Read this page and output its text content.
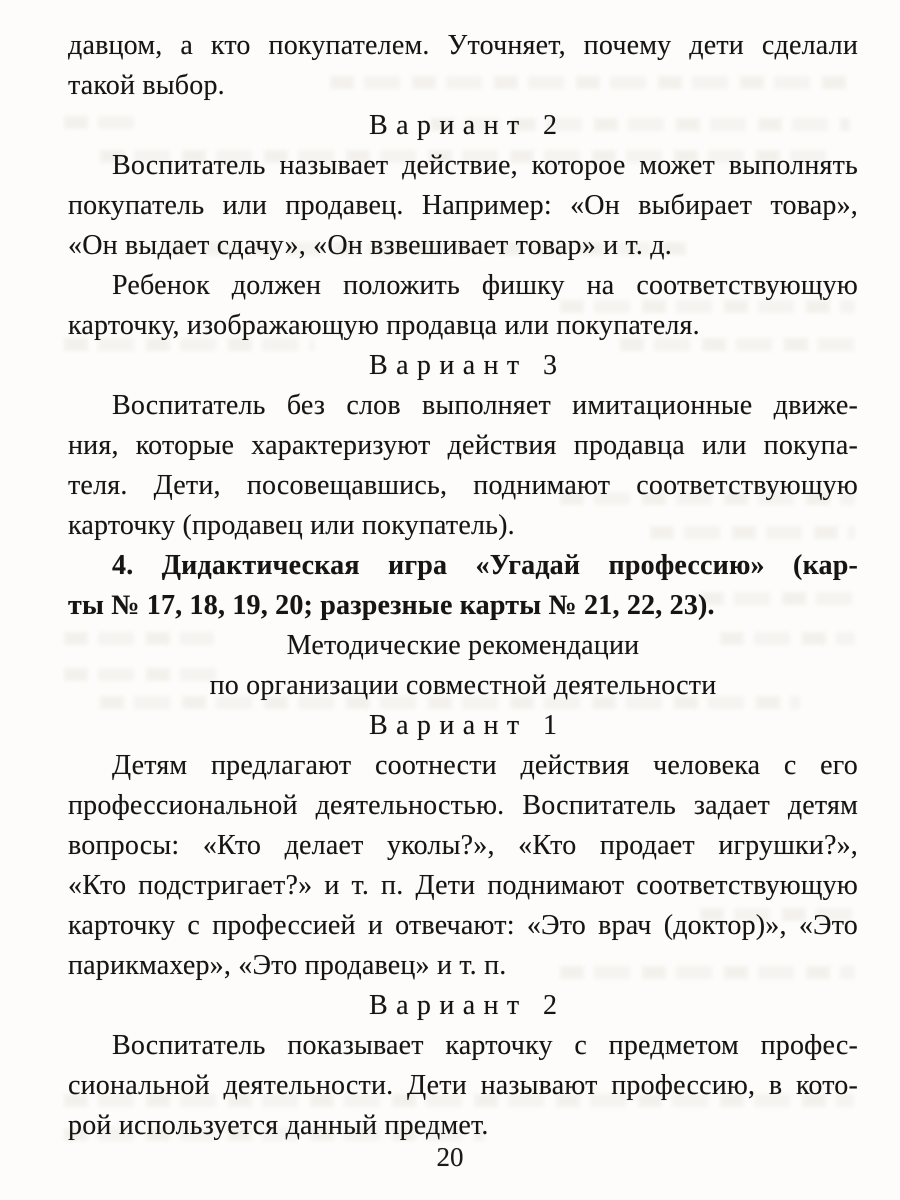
давцом, а кто покупателем. Уточняет, почему дети сделали
такой выбор.
Вариант 2
Воспитатель называет действие, которое может выполнять
покупатель или продавец. Например: «Он выбирает товар»,
«Он выдает сдачу», «Он взвешивает товар» и т. д.
Ребенок должен положить фишку на соответствующую
карточку, изображающую продавца или покупателя.
Вариант 3
Воспитатель без слов выполняет имитационные движе-
ния, которые характеризуют действия продавца или покупа-
теля. Дети, посовещавшись, поднимают соответствующую
карточку (продавец или покупатель).
4. Дидактическая игра «Угадай профессию» (кар-
ты № 17, 18, 19, 20; разрезные карты № 21, 22, 23).
Методические рекомендации
по организации совместной деятельности
Вариант 1
Детям предлагают соотнести действия человека с его
профессиональной деятельностью. Воспитатель задает детям
вопросы: «Кто делает уколы?», «Кто продает игрушки?»,
«Кто подстригает?» и т. п. Дети поднимают соответствующую
карточку с профессией и отвечают: «Это врач (доктор)», «Это
парикмахер», «Это продавец» и т. п.
Вариант 2
Воспитатель показывает карточку с предметом профес-
сиональной деятельности. Дети называют профессию, в кото-
рой используется данный предмет.
20
